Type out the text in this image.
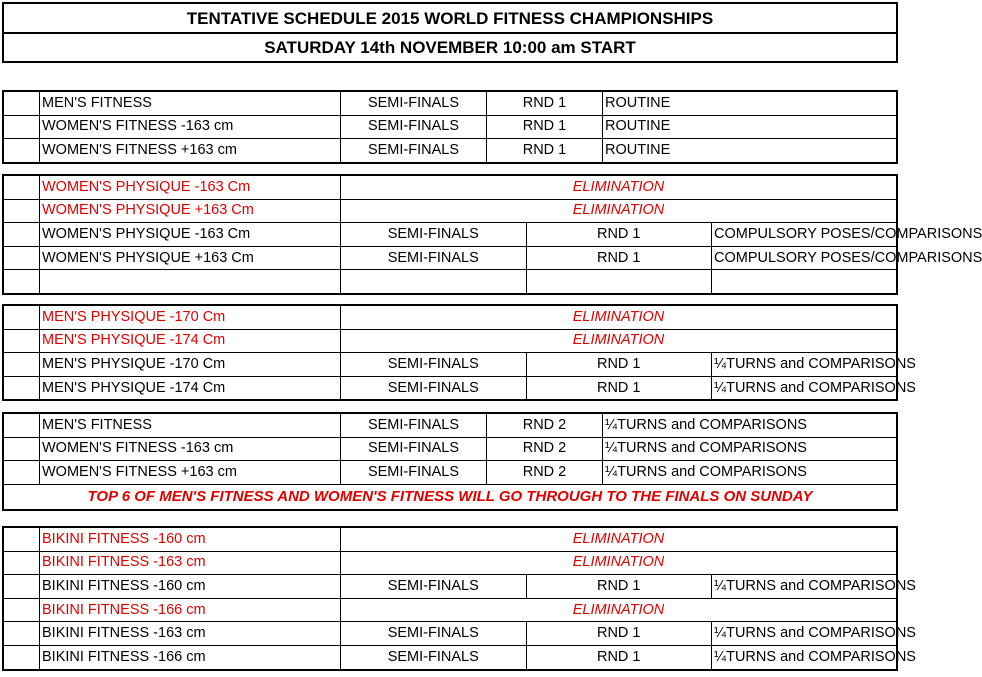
TENTATIVE SCHEDULE 2015 WORLD FITNESS CHAMPIONSHIPS
SATURDAY 14th NOVEMBER 10:00 am START
	MEN'S FITNESS	SEMI-FINALS	RND 1	ROUTINE
	WOMEN'S FITNESS -163 cm	SEMI-FINALS	RND 1	ROUTINE
	WOMEN'S FITNESS +163 cm	SEMI-FINALS	RND 1	ROUTINE
	WOMEN'S PHYSIQUE -163 Cm	ELIMINATION		
	WOMEN'S PHYSIQUE +163 Cm	ELIMINATION		
	WOMEN'S PHYSIQUE -163 Cm	SEMI-FINALS	RND 1	COMPULSORY POSES/COMPARISONS
	WOMEN'S PHYSIQUE +163 Cm	SEMI-FINALS	RND 1	COMPULSORY POSES/COMPARISONS

	MEN'S PHYSIQUE -170 Cm	ELIMINATION		
	MEN'S PHYSIQUE -174 Cm	ELIMINATION		
	MEN'S PHYSIQUE -170 Cm	SEMI-FINALS	RND 1	¼TURNS and COMPARISONS
	MEN'S PHYSIQUE -174 Cm	SEMI-FINALS	RND 1	¼TURNS and COMPARISONS
	MEN'S FITNESS	SEMI-FINALS	RND 2	¼TURNS and COMPARISONS
	WOMEN'S FITNESS -163 cm	SEMI-FINALS	RND 2	¼TURNS and COMPARISONS
	WOMEN'S FITNESS +163 cm	SEMI-FINALS	RND 2	¼TURNS and COMPARISONS
TOP 6 OF MEN'S FITNESS AND WOMEN'S FITNESS WILL GO THROUGH TO THE FINALS ON SUNDAY				
	BIKINI FITNESS -160 cm	ELIMINATION		
	BIKINI FITNESS -163 cm	ELIMINATION		
	BIKINI FITNESS -160 cm	SEMI-FINALS	RND 1	¼TURNS and COMPARISONS
	BIKINI FITNESS -166 cm	ELIMINATION		
	BIKINI FITNESS -163 cm	SEMI-FINALS	RND 1	¼TURNS and COMPARISONS
	BIKINI FITNESS -166 cm	SEMI-FINALS	RND 1	¼TURNS and COMPARISONS
